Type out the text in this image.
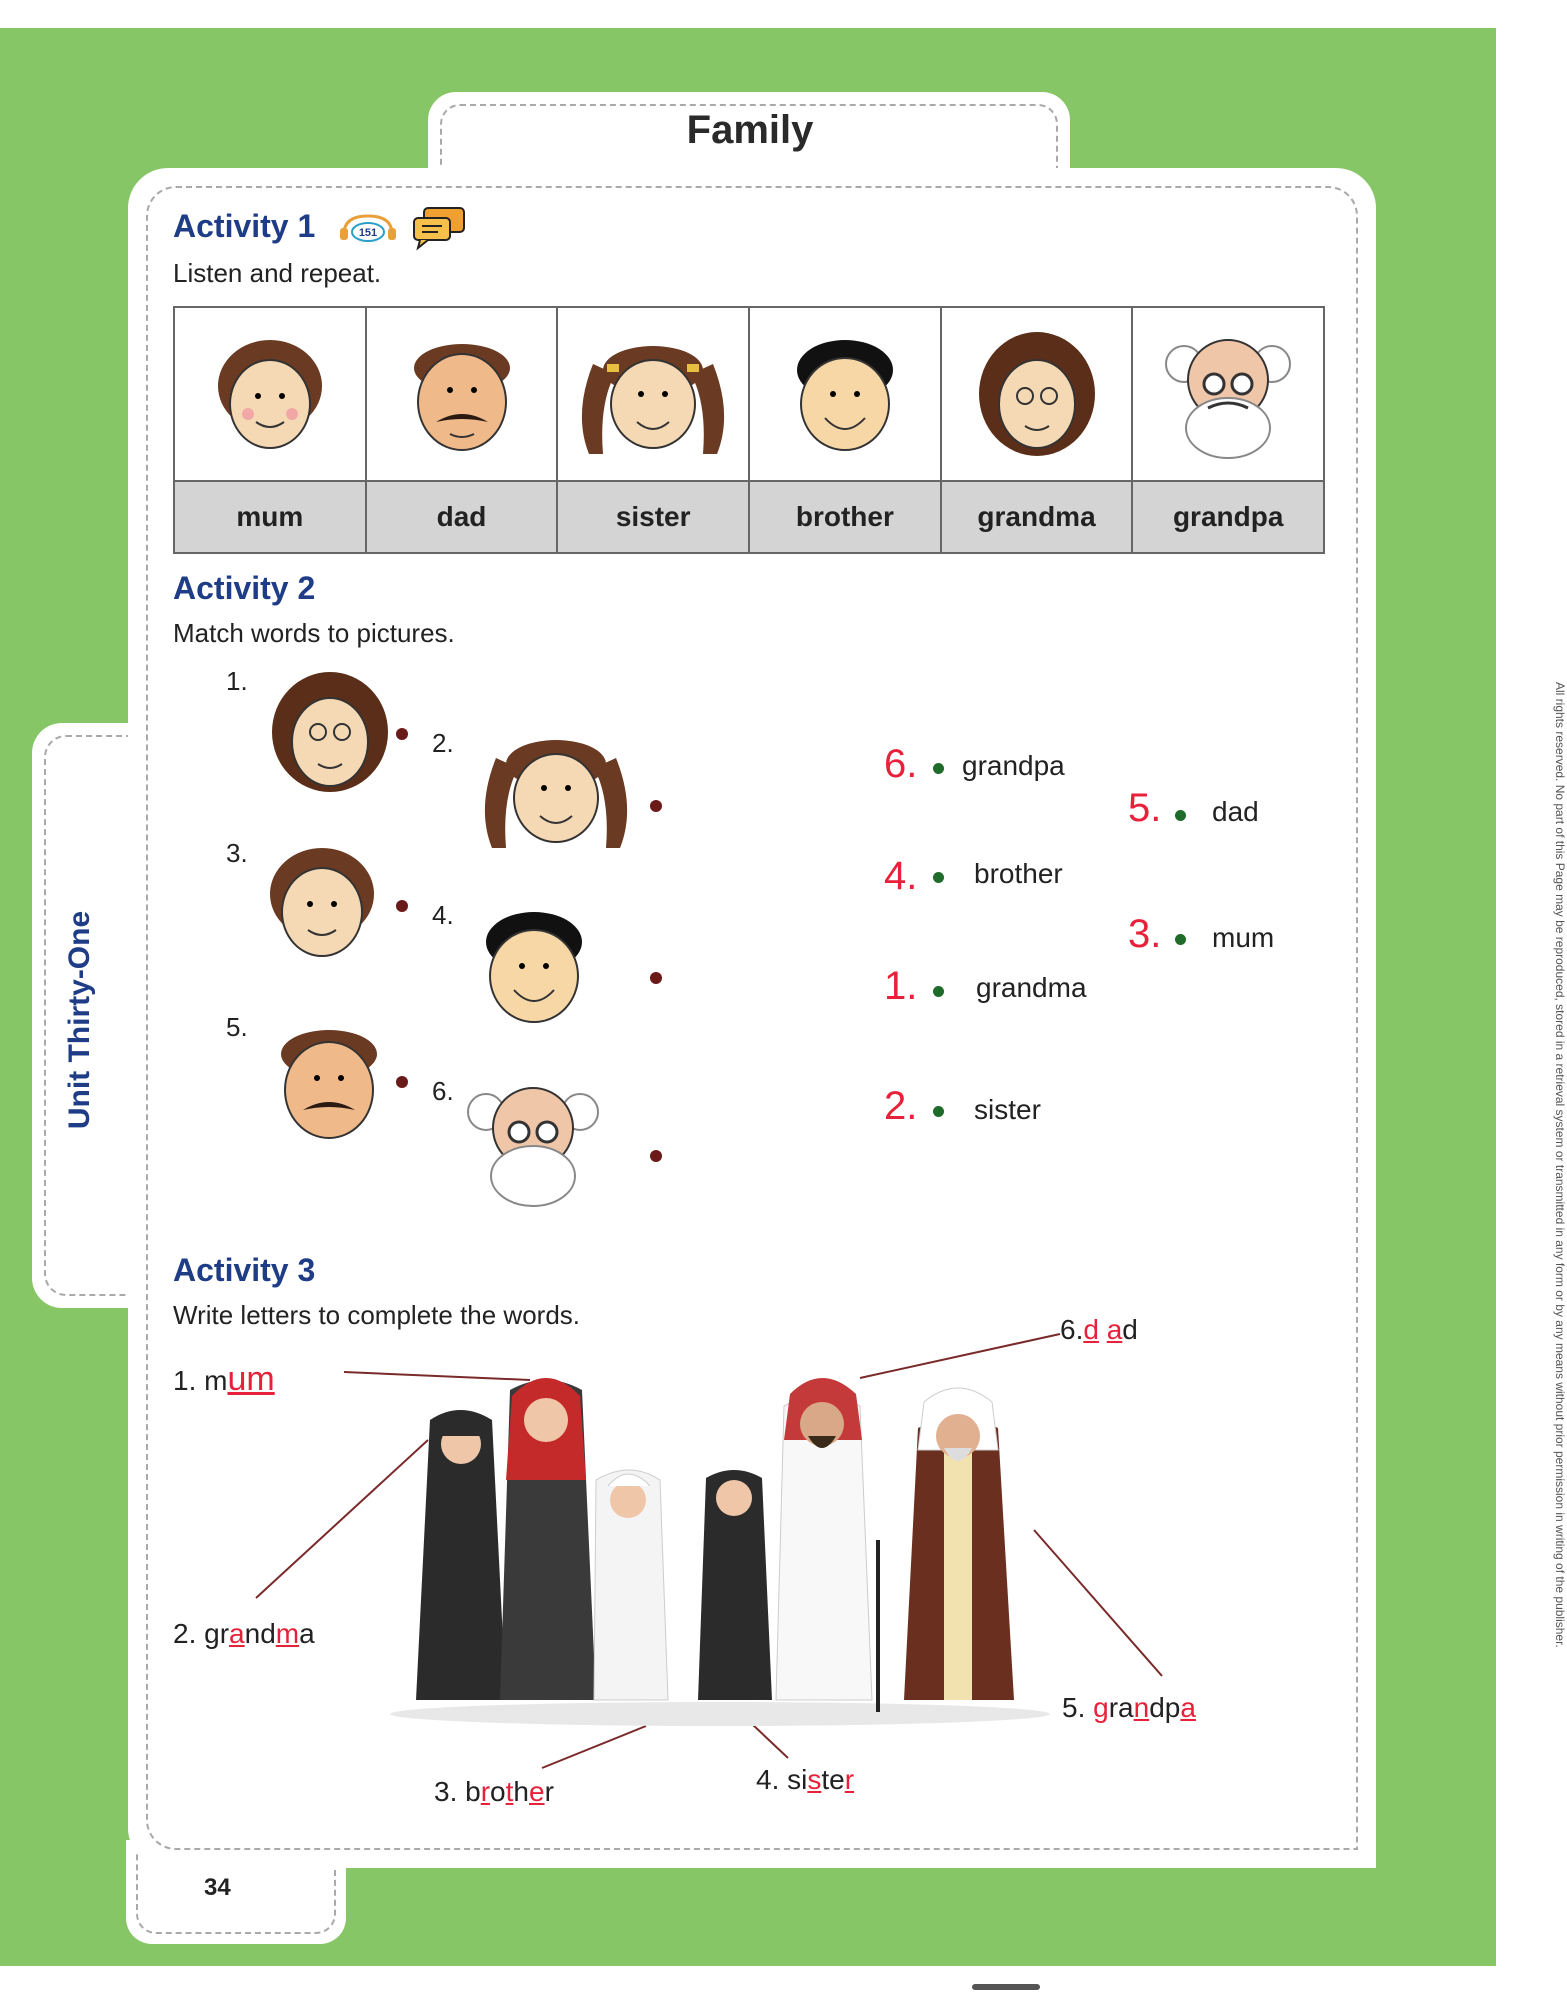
Family
Unit Thirty-One
34
All rights reserved. No part of this Page may be reproduced, stored in a retrieval system or transmitted in any form or by any means without prior permission in writing of the publisher.
Activity 1	151
Listen and repeat.
mum	dad	sister	brother	grandma	grandpa
Activity 2
Match words to pictures.
1.
2.
3.
4.
5.
6.
6. grandpa
5. dad
4. brother
3. mum
1. grandma
2. sister
Activity 3
Write letters to complete the words.
1. mum
2. grandma
3. brother	4. sister
5. grandpa
6.d ad
